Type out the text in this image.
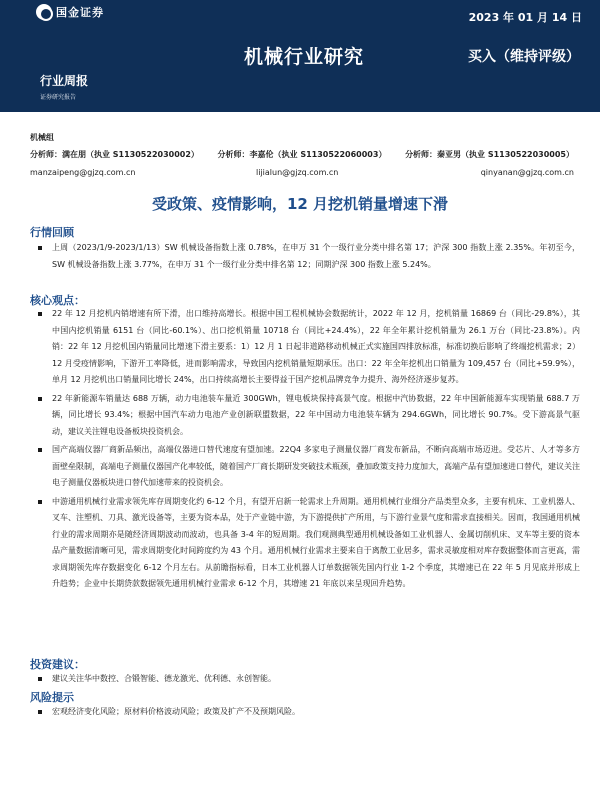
国金证券	2023 年 01 月 14 日
机械行业研究	买入（维持评级）
行业周报
证券研究报告
机械组
分析师：满在朋（执业 S1130522030002） 分析师：李嘉伦（执业 S1130522060003） 分析师：秦亚男（执业 S1130522030005）
manzaipeng@gjzq.com.cn	lijialun@gjzq.com.cn	qinyanan@gjzq.com.cn
受政策、疫情影响，12 月挖机销量增速下滑
行情回顾
上周（2023/1/9-2023/1/13）SW 机械设备指数上涨 0.78%，在申万 31 个一级行业分类中排名第 17；沪深 300 指数上涨 2.35%。年初至今，SW 机械设备指数上涨 3.77%，在申万 31 个一级行业分类中排名第 12；同期沪深 300 指数上涨 5.24%。
核心观点：
22 年 12 月挖机内销增速有所下滑，出口维持高增长。根据中国工程机械协会数据统计，2022 年 12 月，挖机销量 16869 台（同比-29.8%），其中国内挖机销量 6151 台（同比-60.1%）、出口挖机销量 10718 台（同比+24.4%），22 年全年累计挖机销量为 26.1 万台（同比-23.8%）。内销：22 年 12 月挖机国内销量同比增速下滑主要系：1）12 月 1 日起非道路移动机械正式实施国四排放标准，标准切换后影响了终端挖机需求；2）12 月受疫情影响，下游开工率降低，进而影响需求，导致国内挖机销量短期承压。出口：22 年全年挖机出口销量为 109,457 台（同比+59.9%），单月 12 月挖机出口销量同比增长 24%，出口持续高增长主要得益于国产挖机品牌竞争力提升、海外经济逐步复苏。
22 年新能源车销量达 688 万辆，动力电池装车量近 300GWh，锂电板块保持高景气度。根据中汽协数据，22 年中国新能源车实现销量 688.7 万辆，同比增长 93.4%；根据中国汽车动力电池产业创新联盟数据，22 年中国动力电池装车辆为 294.6GWh，同比增长 90.7%。受下游高景气驱动，建议关注锂电设备板块投资机会。
国产高端仪器厂商新品频出，高端仪器进口替代速度有望加速。22Q4 多家电子测量仪器厂商发布新品，不断向高端市场迈进。受芯片、人才等多方面壁垒限制，高端电子测量仪器国产化率较低，随着国产厂商长期研发突破技术瓶颈，叠加政策支持力度加大，高端产品有望加速进口替代，建议关注电子测量仪器板块进口替代加速带来的投资机会。
中游通用机械行业需求领先库存周期变化约 6-12 个月，有望开启新一轮需求上升周期。通用机械行业细分产品类型众多，主要有机床、工业机器人、叉车、注塑机、刀具、激光设备等，主要为资本品，处于产业链中游，为下游提供扩产所用，与下游行业景气度和需求直接相关。因而，我国通用机械行业的需求周期亦是随经济周期波动而波动，也具备 3-4 年的短周期。我们观测典型通用机械设备如工业机器人、金属切削机床、叉车等主要的资本品产量数据清晰可见，需求周期变化时间跨度约为 43 个月。通用机械行业需求主要来自于离散工业居多，需求灵敏度相对库存数据整体而言更高，需求周期领先库存数据变化 6-12 个月左右。从前瞻指标看，日本工业机器人订单数据领先国内行业 1-2 个季度，其增速已在 22 年 5 月见底并形成上升趋势；企业中长期贷款数据领先通用机械行业需求 6-12 个月，其增速 21 年底以来呈现回升趋势。
投资建议：
建议关注华中数控、合锻智能、德龙激光、优利德、永创智能。
风险提示
宏观经济变化风险；原材料价格波动风险；政策及扩产不及预期风险。
